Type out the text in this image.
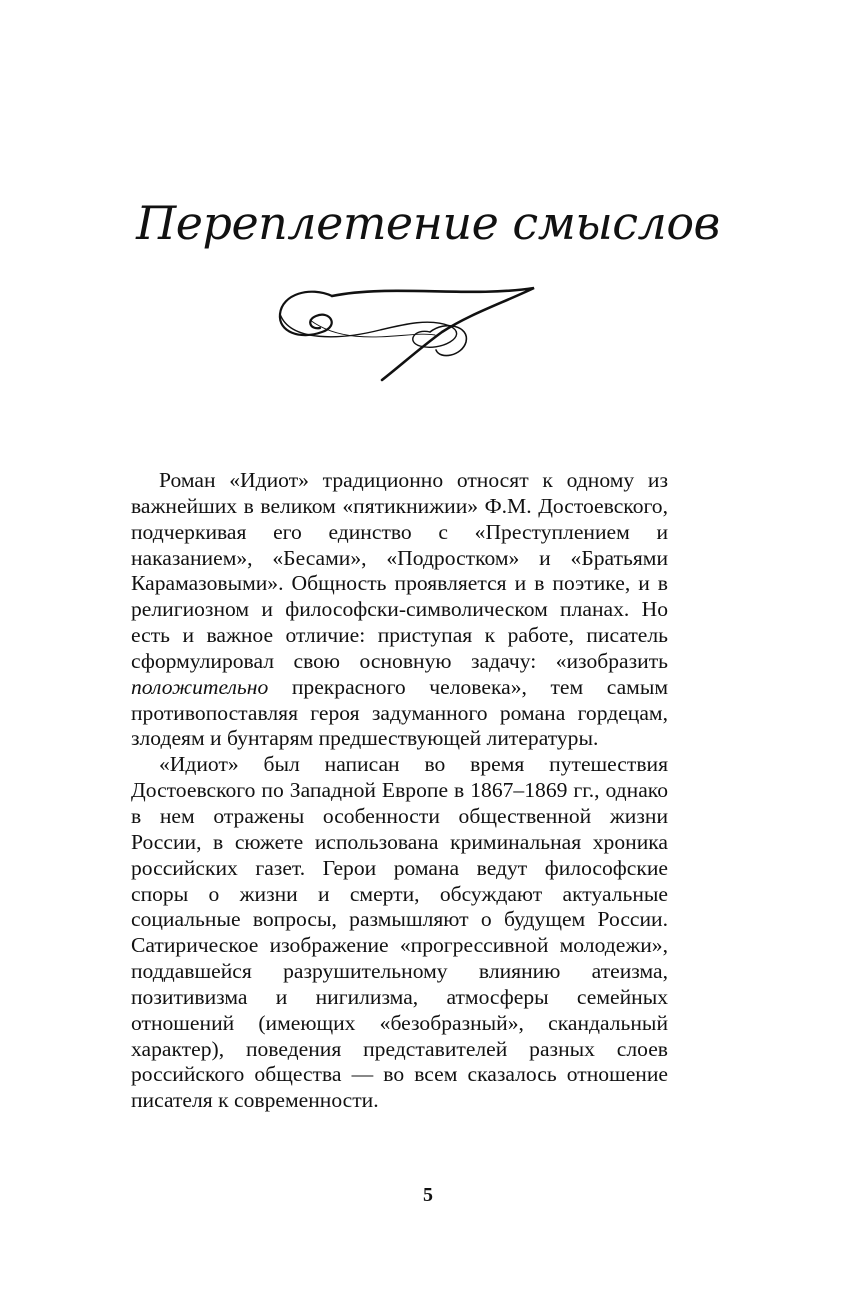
Переплетение смыслов

Роман «Идиот» традиционно относят к одному из важнейших в великом «пятикнижии» Ф.М. Достоевского, подчеркивая его единство с «Преступлением и наказанием», «Бесами», «Подростком» и «Братьями Карамазовыми». Общность проявляется и в поэтике, и в религиозном и философски-символическом планах. Но есть и важное отличие: приступая к работе, писатель сформулировал свою основную задачу: «изобразить положительно прекрасного человека», тем самым противопоставляя героя задуманного романа гордецам, злодеям и бунтарям предшествующей литературы.

«Идиот» был написан во время путешествия Достоевского по Западной Европе в 1867–1869 гг., однако в нем отражены особенности общественной жизни России, в сюжете использована криминальная хроника российских газет. Герои романа ведут философские споры о жизни и смерти, обсуждают актуальные социальные вопросы, размышляют о будущем России. Сатирическое изображение «прогрессивной молодежи», поддавшейся разрушительному влиянию атеизма, позитивизма и нигилизма, атмосферы семейных отношений (имеющих «безобразный», скандальный характер), поведения представителей разных слоев российского общества — во всем сказалось отношение писателя к современности.

5
